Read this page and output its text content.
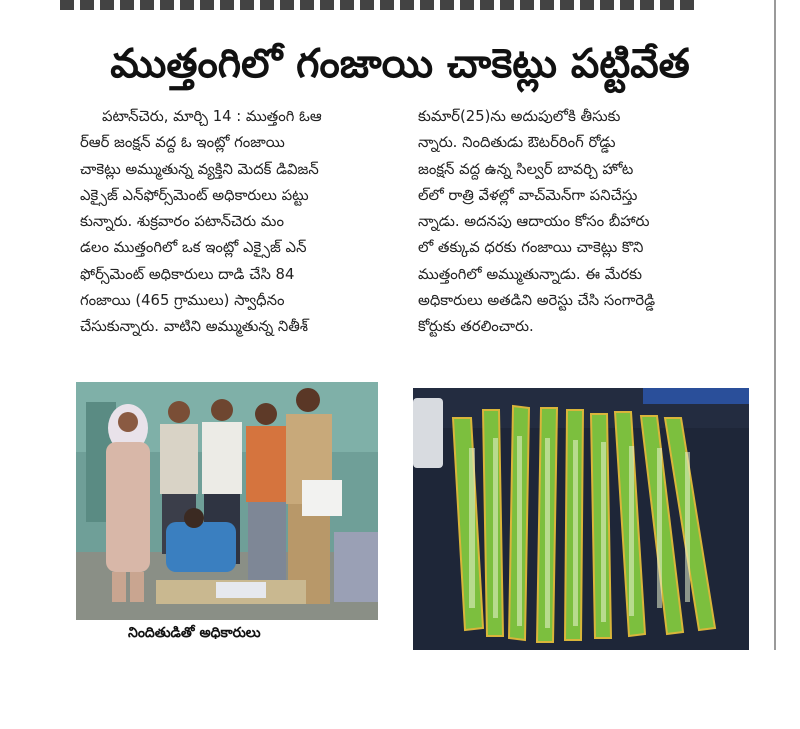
ముత్తంగిలో గంజాయి చాకెట్లు పట్టివేత
పటాన్‌చెరు, మార్చి 14 : ముత్తంగి ఓఆ
ర్ఆర్ జంక్షన్ వద్ద ఓ ఇంట్లో గంజాయి
చాకెట్లు అమ్ముతున్న వ్యక్తిని మెదక్ డివిజన్
ఎక్సైజ్ ఎన్‌ఫోర్స్‌మెంట్ అధికారులు పట్టు
కున్నారు. శుక్రవారం పటాన్‌చెరు మం
డలం ముత్తంగిలో ఒక ఇంట్లో ఎక్సైజ్ ఎన్
ఫోర్స్‌మెంట్ అధికారులు దాడి చేసి 84
గంజాయి (465 గ్రాములు) స్వాధీనం
చేసుకున్నారు. వాటిని అమ్ముతున్న నితీశ్
కుమార్(25)ను అదుపులోకి తీసుకు
న్నారు. నిందితుడు ఔటర్‌రింగ్ రోడ్డు
జంక్షన్ వద్ద ఉన్న సిల్వర్ బావర్చి హోట
ల్‌లో రాత్రి వేళల్లో వాచ్‌మెన్‌గా పనిచేస్తు
న్నాడు. అదనపు ఆదాయం కోసం బీహారు
లో తక్కువ ధరకు గంజాయి చాకెట్లు కొని
ముత్తంగిలో అమ్ముతున్నాడు. ఈ మేరకు
అధికారులు అతడిని అరెస్టు చేసి సంగారెడ్డి
కోర్టుకు తరలించారు.
నిందితుడితో అధికారులు
